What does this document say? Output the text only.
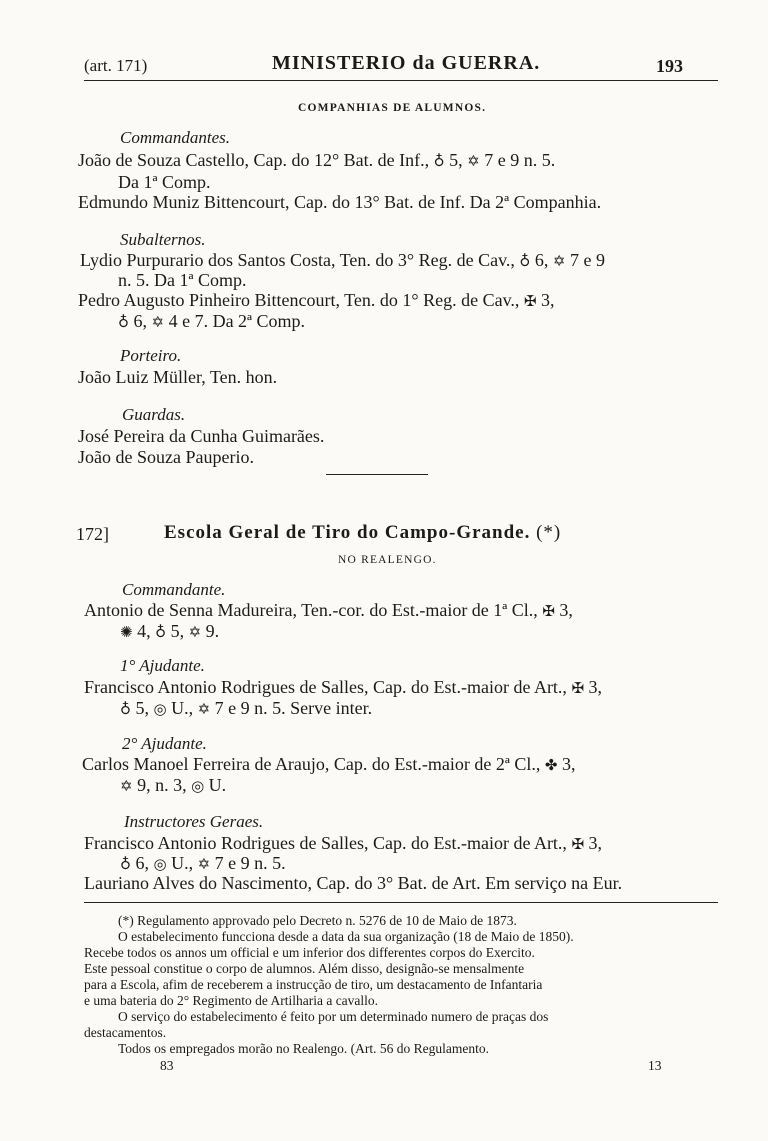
(art. 171)	MINISTERIO da GUERRA.	193
COMPANHIAS DE ALUMNOS.
Commandantes.
João de Souza Castello, Cap. do 12° Bat. de Inf., ♁ 5, ✡ 7 e 9 n. 5.
Da 1ª Comp.
Edmundo Muniz Bittencourt, Cap. do 13° Bat. de Inf. Da 2ª Companhia.
Subalternos.
Lydio Purpurario dos Santos Costa, Ten. do 3° Reg. de Cav., ♁ 6, ✡ 7 e 9
n. 5. Da 1ª Comp.
Pedro Augusto Pinheiro Bittencourt, Ten. do 1° Reg. de Cav., ✠ 3,
♁ 6, ✡ 4 e 7. Da 2ª Comp.
Porteiro.
João Luiz Müller, Ten. hon.
Guardas.
José Pereira da Cunha Guimarães.
João de Souza Pauperio.
172]	Escola Geral de Tiro do Campo-Grande. (*)
NO REALENGO.
Commandante.
Antonio de Senna Madureira, Ten.-cor. do Est.-maior de 1ª Cl., ✠ 3,
✺ 4, ♁ 5, ✡ 9.
1° Ajudante.
Francisco Antonio Rodrigues de Salles, Cap. do Est.-maior de Art., ✠ 3,
♁ 5, ◎ U., ✡ 7 e 9 n. 5. Serve inter.
2° Ajudante.
Carlos Manoel Ferreira de Araujo, Cap. do Est.-maior de 2ª Cl., ✤ 3,
✡ 9, n. 3, ◎ U.
Instructores Geraes.
Francisco Antonio Rodrigues de Salles, Cap. do Est.-maior de Art., ✠ 3,
♁ 6, ◎ U., ✡ 7 e 9 n. 5.
Lauriano Alves do Nascimento, Cap. do 3° Bat. de Art. Em serviço na Eur.
(*) Regulamento approvado pelo Decreto n. 5276 de 10 de Maio de 1873.
O estabelecimento funcciona desde a data da sua organização (18 de Maio de 1850).
Recebe todos os annos um official e um inferior dos differentes corpos do Exercito.
Este pessoal constitue o corpo de alumnos. Além disso, designão-se mensalmente
para a Escola, afim de receberem a instrucção de tiro, um destacamento de Infantaria
e uma bateria do 2° Regimento de Artilharia a cavallo.
O serviço do estabelecimento é feito por um determinado numero de praças dos
destacamentos.
Todos os empregados morão no Realengo. (Art. 56 do Regulamento.
83	13
